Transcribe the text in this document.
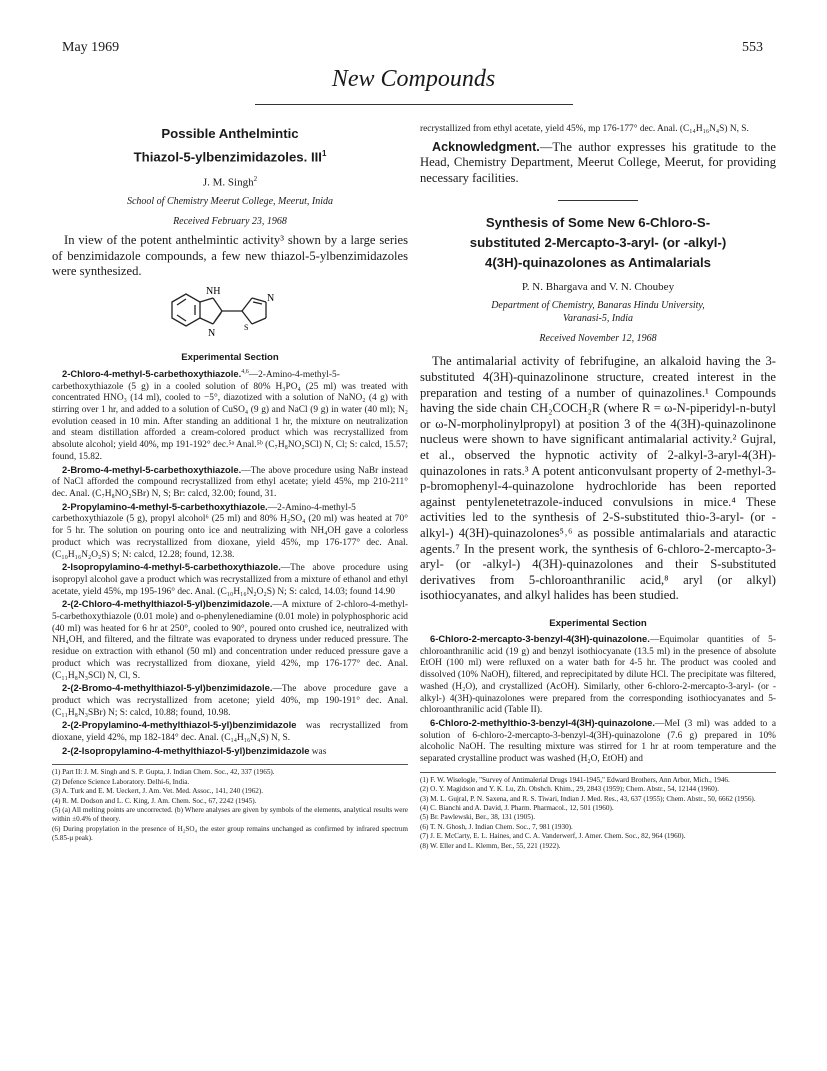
May 1969	553
New Compounds
Possible Anthelmintic
Thiazol-5-ylbenzimidazoles. III$^1$
J. M. Singh$^2$
School of Chemistry Meerut College, Meerut, Inida
Received February 23, 1968

In view of the potent anthelmintic activity³ shown by a large series of benzimidazole compounds, a few new thiazol-5-ylbenzimidazoles were synthesized.

NH
N
N
S
Experimental Section

2-Chloro-4-methyl-5-carbethoxythiazole.$^{4,6}$—2-Amino-4-methyl-5-carbethoxythiazole (5 g) in a cooled solution of 80% H₃PO₄ (25 ml) was treated with concentrated HNO₃ (14 ml), cooled to −5°, diazotized with a solution of NaNO₂ (4 g) with stirring over 1 hr, and added to a solution of CuSO₄ (9 g) and NaCl (9 g) in water (40 ml); N₂ evolution ceased in 10 min. After standing an additional 1 hr, the mixture on neutralization and steam distillation afforded a cream-colored product which was recrystallized from absolute alcohol; yield 40%, mp 191-192° dec.⁵ᵃ Anal.⁵ᵇ (C₇H₈NO₂SCl) N, Cl; S: calcd, 15.57; found, 15.82.

2-Bromo-4-methyl-5-carbethoxythiazole.—The above procedure using NaBr instead of NaCl afforded the compound recrystallized from ethyl acetate; yield 45%, mp 210-211° dec. Anal. (C₇H₈NO₂SBr) N, S; Br: calcd, 32.00; found, 31.

2-Propylamino-4-methyl-5-carbethoxythiazole.—2-Amino-4-methyl-5 carbethoxythiazole (5 g), propyl alcohol⁶ (25 ml) and 80% H₂SO₄ (20 ml) was heated at 70° for 5 hr. The solution on pouring onto ice and neutralizing with NH₄OH gave a colorless product which was recrystallized from dioxane, yield 45%, mp 176-177° dec. Anal. (C₁₀H₁₆N₂O₂S) S; N: calcd, 12.28; found, 12.38.

2-Isopropylamino-4-methyl-5-carbethoxythiazole.—The above procedure using isopropyl alcohol gave a product which was recrystallized from a mixture of ethanol and ethyl acetate, yield 45%, mp 195-196° dec. Anal. (C₁₀H₁₆N₂O₂S) N; S: calcd, 14.03; found 14.90

2-(2-Chloro-4-methylthiazol-5-yl)benzimidazole.—A mixture of 2-chloro-4-methyl-5-carbethoxythiazole (0.01 mole) and o-phenylenediamine (0.01 mole) in polyphosphoric acid (40 ml) was heated for 6 hr at 250°, cooled to 90°, poured onto crushed ice, neutralized with NH₄OH, and filtered, and the filtrate was evaporated to dryness under reduced pressure. The residue on extraction with ethanol (50 ml) and concentration under reduced pressure gave a product which was recrystallized from dioxane, yield 42%, mp 176-177° dec. Anal. (C₁₁H₈N₃SCl) N, Cl, S.

2-(2-Bromo-4-methylthiazol-5-yl)benzimidazole.—The above procedure gave a product which was recrystallized from acetone; yield 40%, mp 190-191° dec. Anal. (C₁₁H₈N₃SBr) N; S: calcd, 10.88; found, 10.98.

2-(2-Propylamino-4-methylthiazol-5-yl)benzimidazole was recrystallized from dioxane, yield 42%, mp 182-184° dec. Anal. (C₁₄H₁₆N₄S) N, S.

2-(2-Isopropylamino-4-methylthiazol-5-yl)benzimidazole was

(1) Part II: J. M. Singh and S. P. Gupta, J. Indian Chem. Soc., 42, 337 (1965).

(2) Defence Science Laboratory. Delhi-6, India.

(3) A. Turk and E. M. Ueckert, J. Am. Vet. Med. Assoc., 141, 240 (1962).

(4) R. M. Dodson and L. C. King, J. Am. Chem. Soc., 67, 2242 (1945).

(5) (a) All melting points are uncorrected. (b) Where analyses are given by symbols of the elements, analytical results were within ±0.4% of theory.

(6) During propylation in the presence of H₂SO₄ the ester group remains unchanged as confirmed by infrared spectrum (5.85-μ peak).

recrystallized from ethyl acetate, yield 45%, mp 176-177° dec. Anal. (C₁₄H₁₆N₄S) N, S.

Acknowledgment.—The author expresses his gratitude to the Head, Chemistry Department, Meerut College, Meerut, for providing necessary facilities.

Synthesis of Some New 6-Chloro-S-
substituted 2-Mercapto-3-aryl- (or -alkyl-)
4(3H)-quinazolones as Antimalarials
P. N. Bhargava and V. N. Choubey
Department of Chemistry, Banaras Hindu University,
Varanasi-5, India
Received November 12, 1968

The antimalarial activity of febrifugine, an alkaloid having the 3-substituted 4(3H)-quinazolinone structure, created interest in the preparation and testing of a number of quinazolines.¹ Compounds having the side chain CH₂COCH₂R (where R = ω-N-piperidyl-n-butyl or ω-N-morpholinylpropyl) at position 3 of the 4(3H)-quinazolinone nucleus were shown to have significant antimalarial activity.² Gujral, et al., observed the hypnotic activity of 2-alkyl-3-aryl-4(3H)-quinazolones in rats.³ A potent anticonvulsant property of 2-methyl-3-p-bromophenyl-4-quinazolone hydrochloride has been reported against pentylenetetrazole-induced convulsions in mice.⁴ These activities led to the synthesis of 2-S-substituted thio-3-aryl- (or -alkyl-) 4(3H)-quinazolones⁵˒⁶ as possible antimalarials and ataractic agents.⁷ In the present work, the synthesis of 6-chloro-2-mercapto-3-aryl- (or -alkyl-) 4(3H)-quinazolones and their S-substituted derivatives from 5-chloroanthranilic acid,⁸ aryl (or alkyl) isothiocyanates, and alkyl halides has been studied.

Experimental Section

6-Chloro-2-mercapto-3-benzyl-4(3H)-quinazolone.—Equimolar quantities of 5-chloroanthranilic acid (19 g) and benzyl isothiocyanate (13.5 ml) in the presence of absolute EtOH (100 ml) were refluxed on a water bath for 4-5 hr. The product was cooled and dissolved (10% NaOH), filtered, and reprecipitated by dilute HCl. The precipitate was filtered, washed (H₂O), and crystallized (AcOH). Similarly, other 6-chloro-2-mercapto-3-aryl- (or -alkyl-) 4(3H)-quinazolones were prepared from the corresponding isothiocyanates and 5-chloroanthranilic acid (Table II).

6-Chloro-2-methylthio-3-benzyl-4(3H)-quinazolone.—MeI (3 ml) was added to a solution of 6-chloro-2-mercapto-3-benzyl-4(3H)-quinazolone (7.6 g) prepared in 10% alcoholic NaOH. The resulting mixture was stirred for 1 hr at room temperature and the separated crystalline product was washed (H₂O, EtOH) and

(1) F. W. Wiselogle, "Survey of Antimalerial Drugs 1941-1945," Edward Brothers, Ann Arbor, Mich., 1946.

(2) O. Y. Magidson and Y. K. Lu, Zh. Obshch. Khim., 29, 2843 (1959); Chem. Abstr., 54, 12144 (1960).

(3) M. L. Gujral, P. N. Saxena, and R. S. Tiwari, Indian J. Med. Res., 43, 637 (1955); Chem. Abstr., 50, 6662 (1956).

(4) C. Bianchi and A. David, J. Pharm. Pharmacol., 12, 501 (1960).

(5) Br. Pawlewski, Ber., 38, 131 (1905).

(6) T. N. Ghosh, J. Indian Chem. Soc., 7, 981 (1930).

(7) J. E. McCarty, E. L. Haines, and C. A. Vanderwerf, J. Amer. Chem. Soc., 82, 964 (1960).

(8) W. Eller and L. Klemm, Ber., 55, 221 (1922).
